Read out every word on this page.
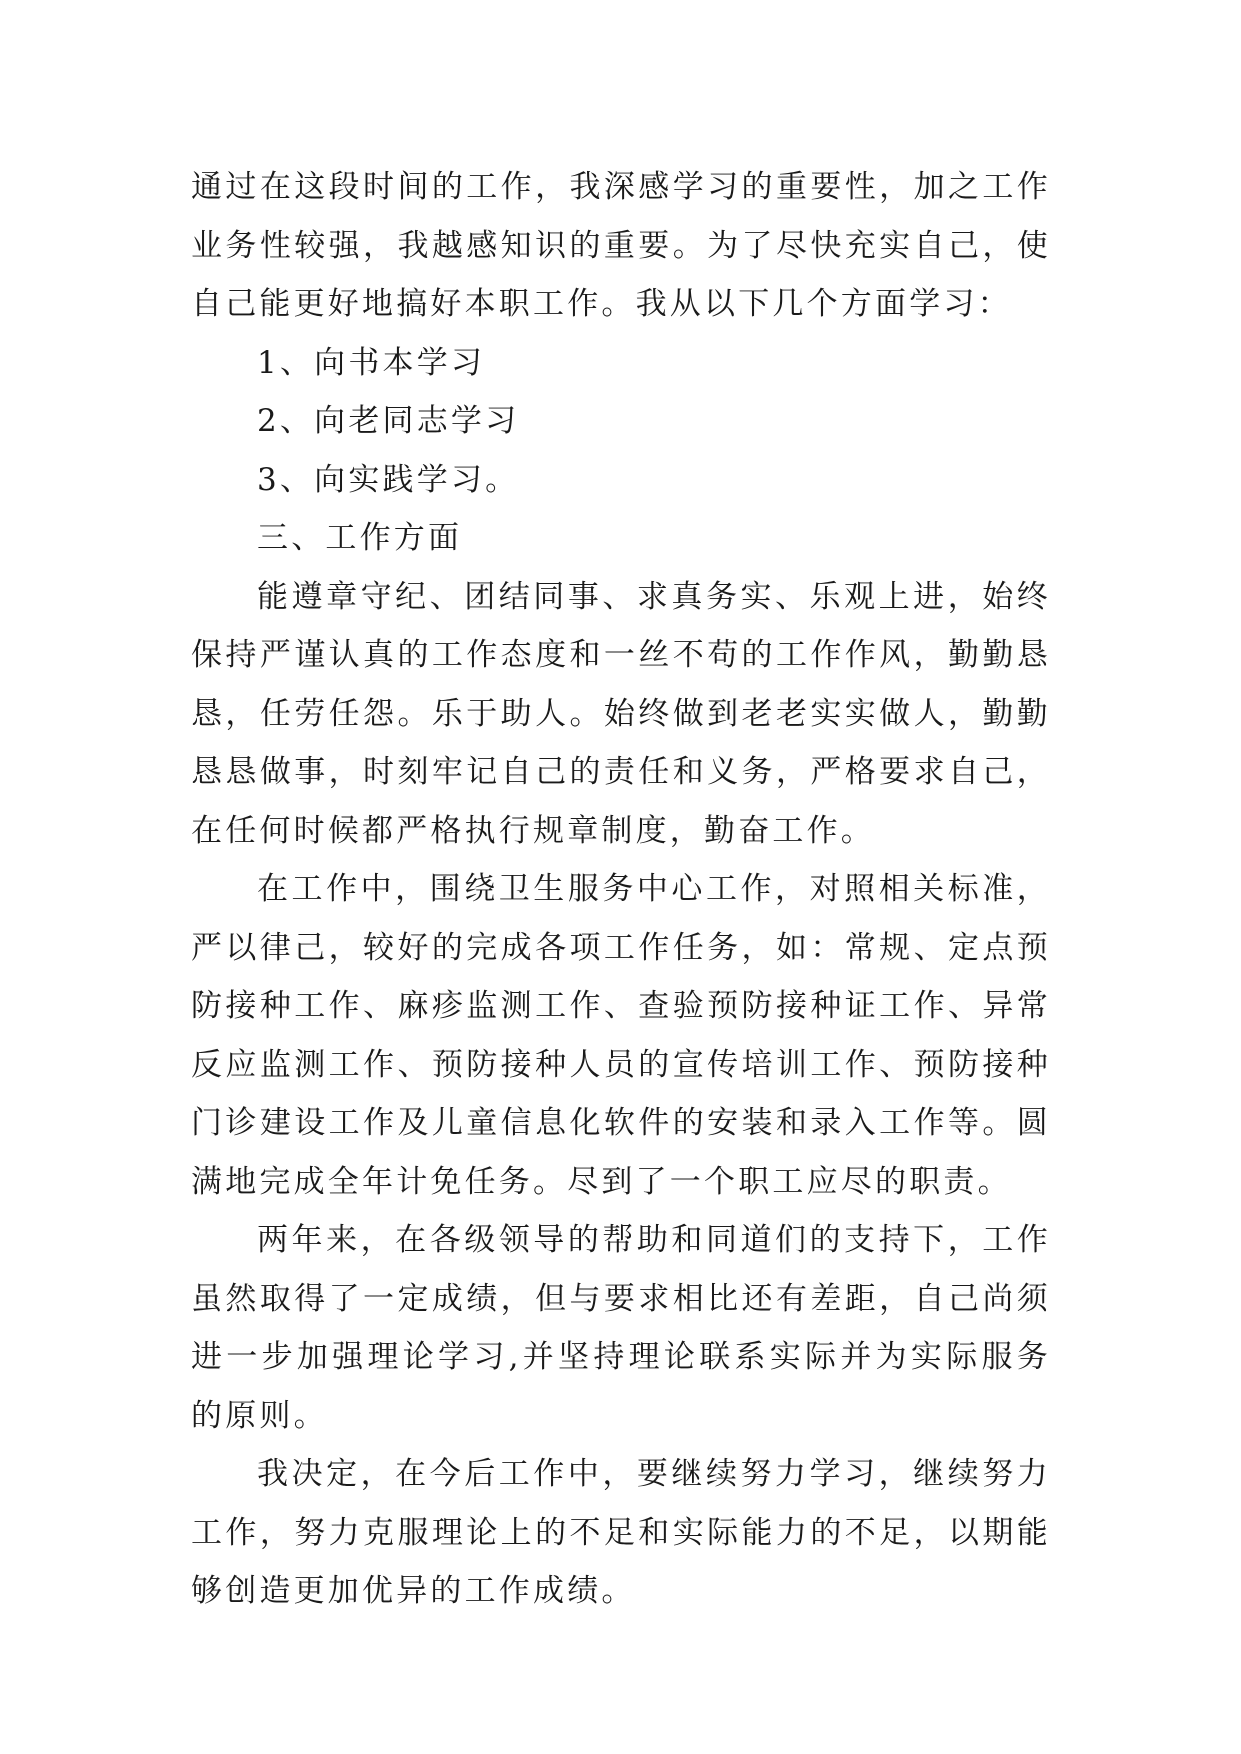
通过在这段时间的工作，我深感学习的重要性，加之工作业务性较强，我越感知识的重要。为了尽快充实自己，使自己能更好地搞好本职工作。我从以下几个方面学习：

1、向书本学习

2、向老同志学习

3、向实践学习。

三、工作方面

能遵章守纪、团结同事、求真务实、乐观上进，始终保持严谨认真的工作态度和一丝不苟的工作作风，勤勤恳恳，任劳任怨。乐于助人。始终做到老老实实做人，勤勤恳恳做事，时刻牢记自己的责任和义务，严格要求自己，在任何时候都严格执行规章制度，勤奋工作。

在工作中，围绕卫生服务中心工作，对照相关标准，严以律己，较好的完成各项工作任务，如：常规、定点预防接种工作、麻疹监测工作、查验预防接种证工作、异常反应监测工作、预防接种人员的宣传培训工作、预防接种门诊建设工作及儿童信息化软件的安装和录入工作等。圆满地完成全年计免任务。尽到了一个职工应尽的职责。

两年来，在各级领导的帮助和同道们的支持下，工作虽然取得了一定成绩，但与要求相比还有差距，自己尚须进一步加强理论学习,并坚持理论联系实际并为实际服务的原则。

我决定，在今后工作中，要继续努力学习，继续努力工作，努力克服理论上的不足和实际能力的不足，以期能够创造更加优异的工作成绩。
